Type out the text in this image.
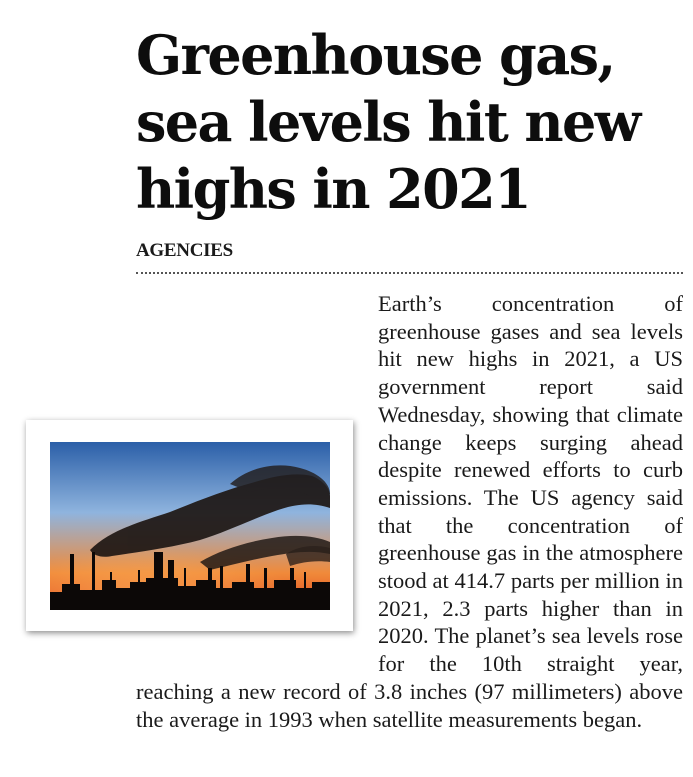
Greenhouse gas, sea levels hit new highs in 2021
AGENCIES

Earth’s concentration of greenhouse gases and sea levels hit new highs in 2021, a US government report said Wednesday, showing that climate change keeps surging ahead despite renewed efforts to curb emissions. The US agency said that the concentration of greenhouse gas in the atmosphere stood at 414.7 parts per million in 2021, 2.3 parts higher than in 2020. The planet’s sea levels rose for the 10th straight year, reaching a new record of 3.8 inches (97 millimeters) above the average in 1993 when satellite measurements began.
